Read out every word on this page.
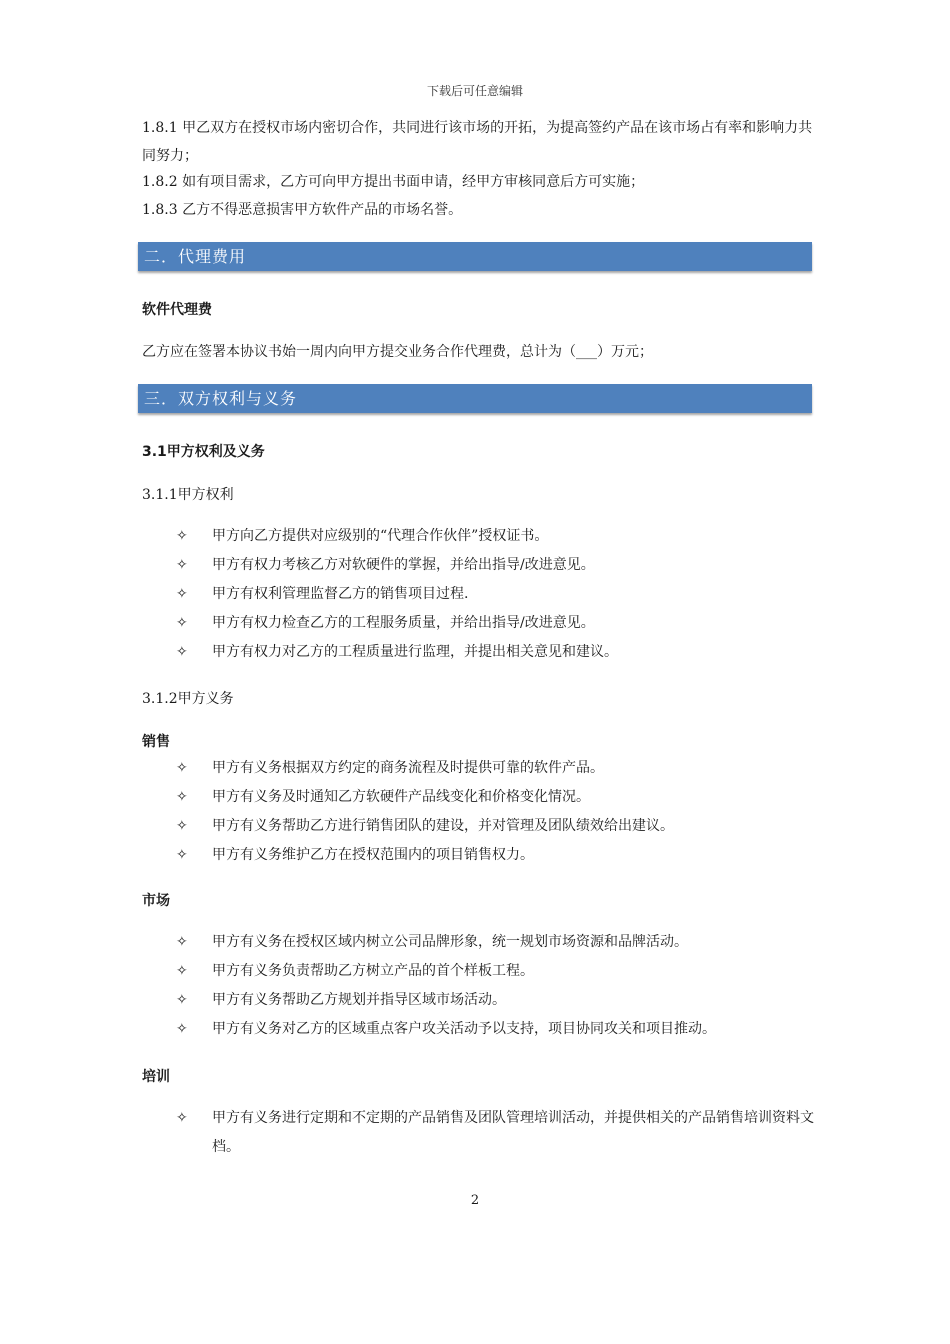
下载后可任意编辑
1.8.1 甲乙双方在授权市场内密切合作，共同进行该市场的开拓，为提高签约产品在该市场占有率和影响力共同努力；
1.8.2 如有项目需求，乙方可向甲方提出书面申请，经甲方审核同意后方可实施；
1.8.3 乙方不得恶意损害甲方软件产品的市场名誉。
二．代理费用
软件代理费
乙方应在签署本协议书始一周内向甲方提交业务合作代理费，总计为（___）万元；
三．双方权利与义务
3.1甲方权利及义务
3.1.1甲方权利
✧	甲方向乙方提供对应级别的“代理合作伙伴”授权证书。
✧	甲方有权力考核乙方对软硬件的掌握，并给出指导/改进意见。
✧	甲方有权利管理监督乙方的销售项目过程.
✧	甲方有权力检查乙方的工程服务质量，并给出指导/改进意见。
✧	甲方有权力对乙方的工程质量进行监理，并提出相关意见和建议。
3.1.2甲方义务
销售
✧	甲方有义务根据双方约定的商务流程及时提供可靠的软件产品。
✧	甲方有义务及时通知乙方软硬件产品线变化和价格变化情况。
✧	甲方有义务帮助乙方进行销售团队的建设，并对管理及团队绩效给出建议。
✧	甲方有义务维护乙方在授权范围内的项目销售权力。
市场
✧	甲方有义务在授权区域内树立公司品牌形象，统一规划市场资源和品牌活动。
✧	甲方有义务负责帮助乙方树立产品的首个样板工程。
✧	甲方有义务帮助乙方规划并指导区域市场活动。
✧	甲方有义务对乙方的区域重点客户攻关活动予以支持，项目协同攻关和项目推动。
培训
✧	甲方有义务进行定期和不定期的产品销售及团队管理培训活动，并提供相关的产品销售培训资料文档。
2
